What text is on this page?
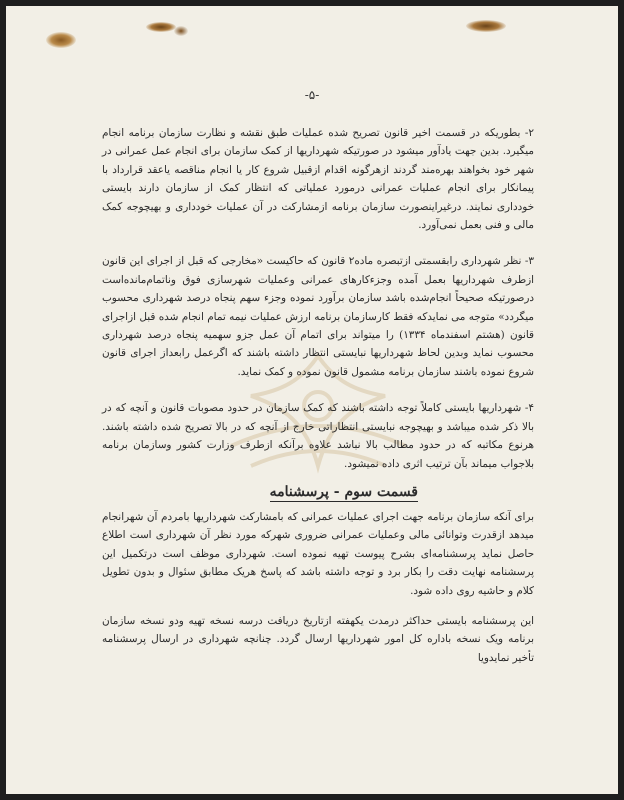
-۵-

۲- بطوریکه در قسمت اخیر قانون تصریح شده عملیات طبق نقشه و نظارت سازمان برنامه انجام میگیرد. بدین جهت یادآور میشود در صورتیکه شهرداریها از کمک سازمان برای انجام عمل عمرانی در شهر خود بخواهند بهره‌مند گردند ازهرگونه اقدام ازقبیل شروع کار یا انجام مناقصه یاعقد قرارداد با پیمانکار برای انجام عملیات عمرانی درمورد عملیاتی که انتظار کمک از سازمان دارند بایستی خودداری نمایند. درغیراینصورت سازمان برنامه ازمشارکت در آن عملیات خودداری و بهیچوجه کمک مالی و فنی بعمل نمی‌آورد.

۳- نظر شهرداری رابقسمتی ازتبصره ماده۲ قانون که حاکیست «مخارجی که قبل از اجرای این قانون ازطرف شهرداریها بعمل آمده وجزءکارهای عمرانی وعملیات شهرسازی فوق وناتمام‌مانده‌است درصورتیکه صحیحاً انجام‌شده باشد سازمان برآورد نموده وجزء سهم پنجاه درصد شهرداری محسوب میگردد» متوجه می نمایدکه فقط کارسازمان برنامه ارزش عملیات نیمه تمام انجام شده قبل ازاجرای قانون (هشتم اسفندماه ۱۳۳۴) را میتواند برای اتمام آن عمل جزو سهمیه پنجاه درصد شهرداری محسوب نماید وبدین لحاظ شهرداریها نبایستی انتظار داشته باشند که اگرعمل رابعداز اجرای قانون شروع نموده باشند سازمان برنامه مشمول قانون نموده و کمک نماید.

۴- شهرداریها بایستی کاملاً توجه داشته باشند که کمک سازمان در حدود مصوبات قانون و آنچه که در بالا ذکر شده میباشد و بهیچوجه نبایستی انتظاراتی خارج از آنچه که در بالا تصریح شده داشته باشند. هرنوع مکاتبه که در حدود مطالب بالا نباشد علاوه برآنکه ازطرف وزارت کشور وسازمان برنامه بلاجواب میماند بآن ترتیب اثری داده نمیشود.

قسمت سوم - پرسشنامه

برای آنکه سازمان برنامه جهت اجرای عملیات عمرانی که بامشارکت شهرداریها بامردم آن شهرانجام میدهد ازقدرت وتوانائی مالی وعملیات عمرانی ضروری شهرکه مورد نظر آن شهرداری است اطلاع حاصل نماید پرسشنامه‌ای بشرح پیوست تهیه نموده است. شهرداری موظف است درتکمیل این پرسشنامه نهایت دقت را بکار برد و توجه داشته باشد که پاسخ هریک مطابق سئوال و بدون تطویل کلام و حاشیه روی داده شود.

این پرسشنامه بایستی حداکثر درمدت یکهفته ازتاریخ دریافت درسه نسخه تهیه ودو نسخه سازمان برنامه ویک نسخه باداره کل امور شهرداریها ارسال گردد. چنانچه شهرداری در ارسال پرسشنامه تأخیر نمایدویا
